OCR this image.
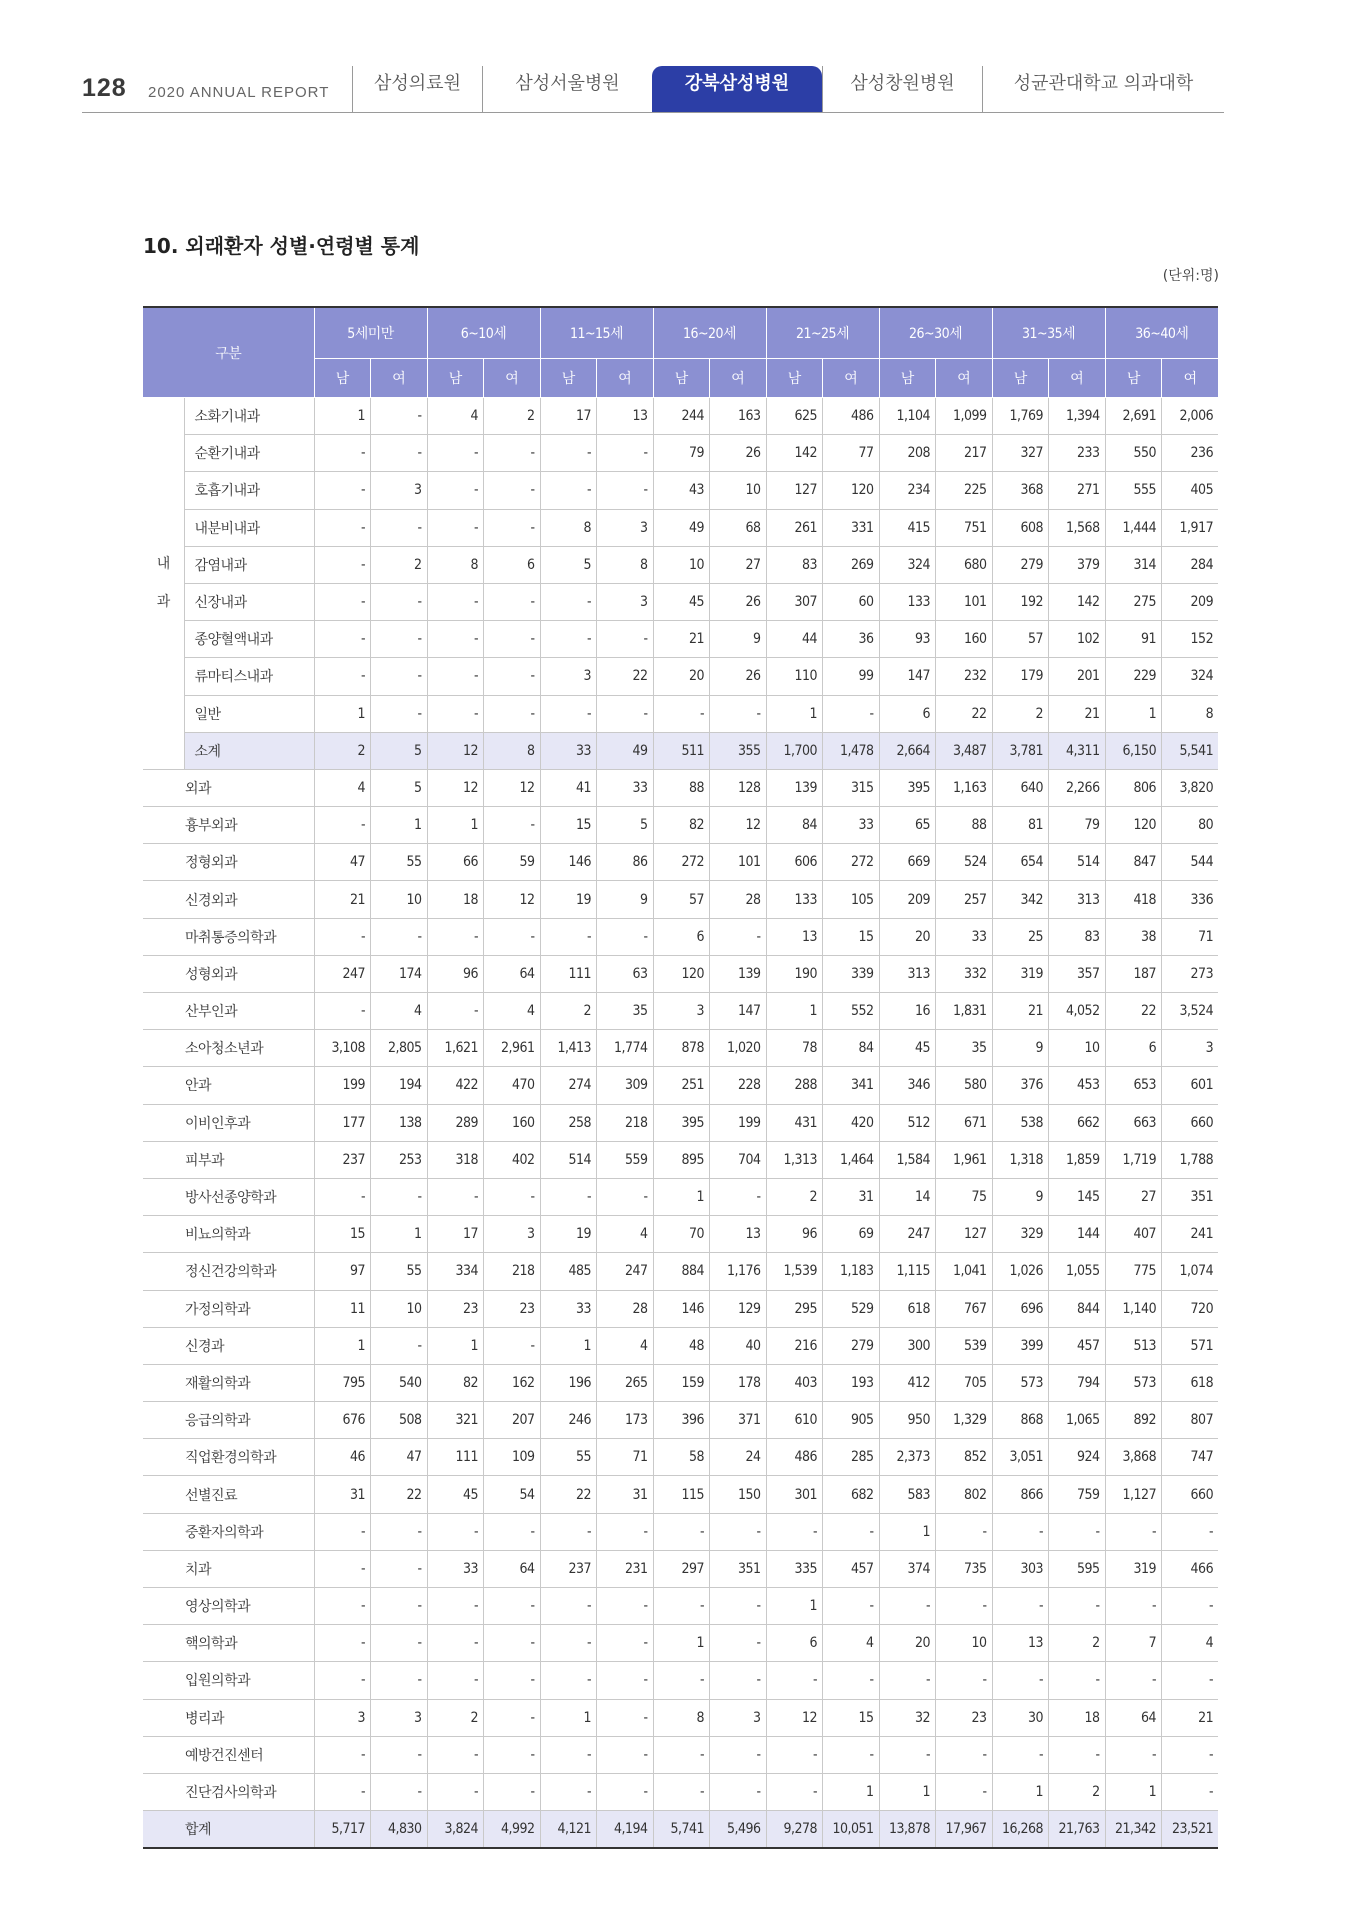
128 2020 ANNUAL REPORT	삼성의료원	삼성서울병원	강북삼성병원	삼성창원병원	성균관대학교 의과대학
10. 외래환자 성별·연령별 통계
(단위:명)
구분		5세미만		6~10세		11~15세		16~20세		21~25세		26~30세		31~35세		36~40세	
		남	여	남	여	남	여	남	여	남	여	남	여	남	여	남	여

내
과	소화기내과	1	-	4	2	17	13	244	163	625	486	1,104	1,099	1,769	1,394	2,691	2,006
	순환기내과	-	-	-	-	-	-	79	26	142	77	208	217	327	233	550	236
	호흡기내과	-	3	-	-	-	-	43	10	127	120	234	225	368	271	555	405
	내분비내과	-	-	-	-	8	3	49	68	261	331	415	751	608	1,568	1,444	1,917
	감염내과	-	2	8	6	5	8	10	27	83	269	324	680	279	379	314	284
	신장내과	-	-	-	-	-	3	45	26	307	60	133	101	192	142	275	209
	종양혈액내과	-	-	-	-	-	-	21	9	44	36	93	160	57	102	91	152
	류마티스내과	-	-	-	-	3	22	20	26	110	99	147	232	179	201	229	324
	일반	1	-	-	-	-	-	-	-	1	-	6	22	2	21	1	8
	소계	2	5	12	8	33	49	511	355	1,700	1,478	2,664	3,487	3,781	4,311	6,150	5,541
외과		4	5	12	12	41	33	88	128	139	315	395	1,163	640	2,266	806	3,820
흉부외과		-	1	1	-	15	5	82	12	84	33	65	88	81	79	120	80
정형외과		47	55	66	59	146	86	272	101	606	272	669	524	654	514	847	544
신경외과		21	10	18	12	19	9	57	28	133	105	209	257	342	313	418	336
마취통증의학과		-	-	-	-	-	-	6	-	13	15	20	33	25	83	38	71
성형외과		247	174	96	64	111	63	120	139	190	339	313	332	319	357	187	273
산부인과		-	4	-	4	2	35	3	147	1	552	16	1,831	21	4,052	22	3,524
소아청소년과		3,108	2,805	1,621	2,961	1,413	1,774	878	1,020	78	84	45	35	9	10	6	3
안과		199	194	422	470	274	309	251	228	288	341	346	580	376	453	653	601
이비인후과		177	138	289	160	258	218	395	199	431	420	512	671	538	662	663	660
피부과		237	253	318	402	514	559	895	704	1,313	1,464	1,584	1,961	1,318	1,859	1,719	1,788
방사선종양학과		-	-	-	-	-	-	1	-	2	31	14	75	9	145	27	351
비뇨의학과		15	1	17	3	19	4	70	13	96	69	247	127	329	144	407	241
정신건강의학과		97	55	334	218	485	247	884	1,176	1,539	1,183	1,115	1,041	1,026	1,055	775	1,074
가정의학과		11	10	23	23	33	28	146	129	295	529	618	767	696	844	1,140	720
신경과		1	-	1	-	1	4	48	40	216	279	300	539	399	457	513	571
재활의학과		795	540	82	162	196	265	159	178	403	193	412	705	573	794	573	618
응급의학과		676	508	321	207	246	173	396	371	610	905	950	1,329	868	1,065	892	807
직업환경의학과		46	47	111	109	55	71	58	24	486	285	2,373	852	3,051	924	3,868	747
선별진료		31	22	45	54	22	31	115	150	301	682	583	802	866	759	1,127	660
중환자의학과		-	-	-	-	-	-	-	-	-	-	1	-	-	-	-	-
치과		-	-	33	64	237	231	297	351	335	457	374	735	303	595	319	466
영상의학과		-	-	-	-	-	-	-	-	1	-	-	-	-	-	-	-
핵의학과		-	-	-	-	-	-	1	-	6	4	20	10	13	2	7	4
입원의학과		-	-	-	-	-	-	-	-	-	-	-	-	-	-	-	-
병리과		3	3	2	-	1	-	8	3	12	15	32	23	30	18	64	21
예방건진센터		-	-	-	-	-	-	-	-	-	-	-	-	-	-	-	-
진단검사의학과		-	-	-	-	-	-	-	-	-	1	1	-	1	2	1	-
합계		5,717	4,830	3,824	4,992	4,121	4,194	5,741	5,496	9,278	10,051	13,878	17,967	16,268	21,763	21,342	23,521
